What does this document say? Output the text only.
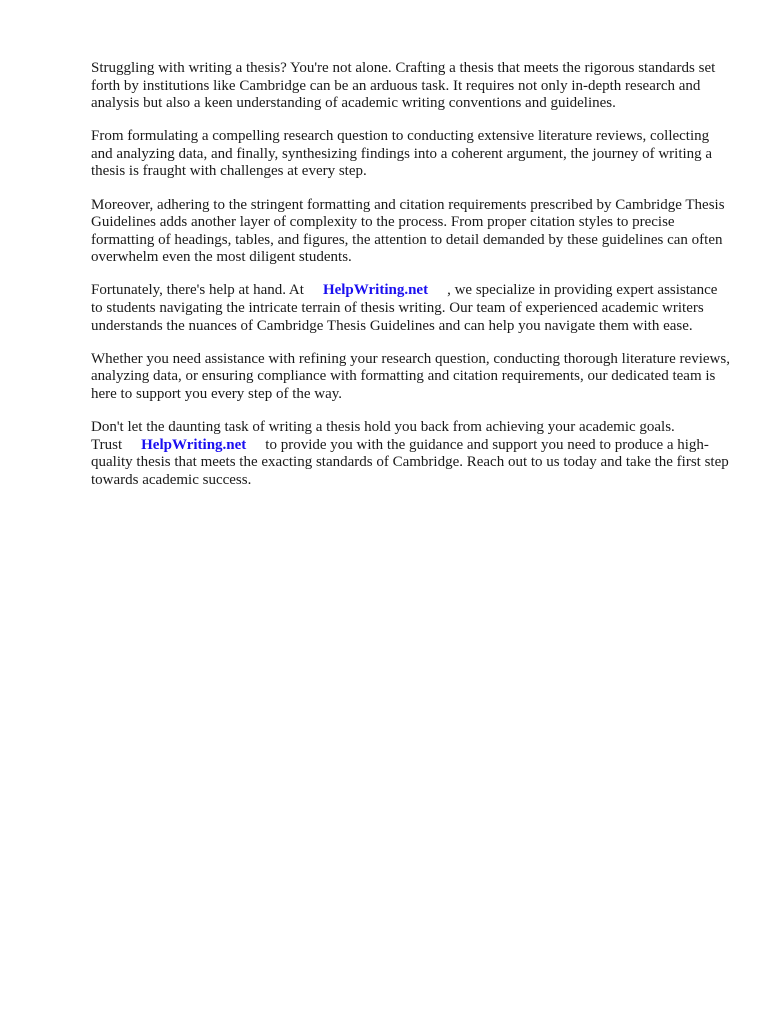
Struggling with writing a thesis? You're not alone. Crafting a thesis that meets the rigorous standards set forth by institutions like Cambridge can be an arduous task. It requires not only in-depth research and analysis but also a keen understanding of academic writing conventions and guidelines.

From formulating a compelling research question to conducting extensive literature reviews, collecting and analyzing data, and finally, synthesizing findings into a coherent argument, the journey of writing a thesis is fraught with challenges at every step.

Moreover, adhering to the stringent formatting and citation requirements prescribed by Cambridge Thesis Guidelines adds another layer of complexity to the process. From proper citation styles to precise formatting of headings, tables, and figures, the attention to detail demanded by these guidelines can often overwhelm even the most diligent students.

Fortunately, there's help at hand. At HelpWriting.net , we specialize in providing expert assistance to students navigating the intricate terrain of thesis writing. Our team of experienced academic writers understands the nuances of Cambridge Thesis Guidelines and can help you navigate them with ease.

Whether you need assistance with refining your research question, conducting thorough literature reviews, analyzing data, or ensuring compliance with formatting and citation requirements, our dedicated team is here to support you every step of the way.

Don't let the daunting task of writing a thesis hold you back from achieving your academic goals. Trust HelpWriting.net to provide you with the guidance and support you need to produce a high-quality thesis that meets the exacting standards of Cambridge. Reach out to us today and take the first step towards academic success.
